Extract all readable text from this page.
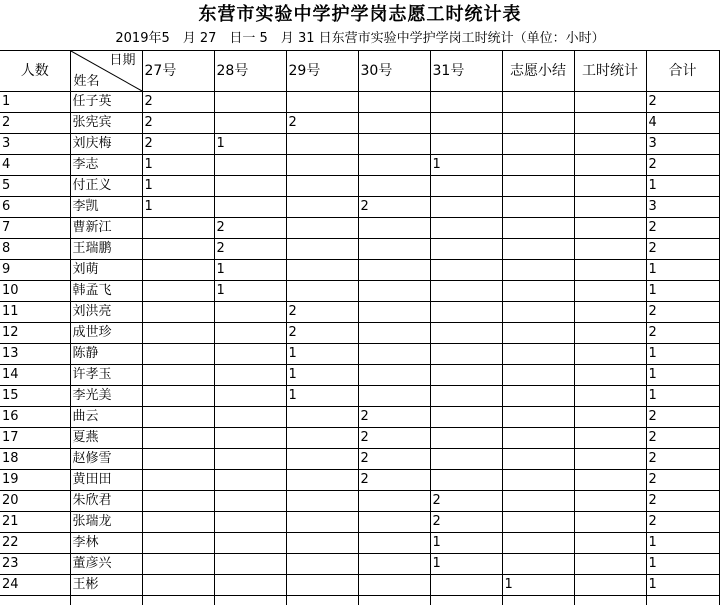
东营市实验中学护学岗志愿工时统计表
2019年5　月 27　日一 5　月 31 日东营市实验中学护学岗工时统计（单位：小时）
人数	日期
姓名	27号	28号	29号	30号	31号	志愿小结	工时统计	合计
1	任子英	2							2
2	张宪宾	2		2					4
3	刘庆梅	2	1						3
4	李志	1				1			2
5	付正义	1							1
6	李凯	1			2				3
7	曹新江		2						2
8	王瑞鹏		2						2
9	刘萌		1						1
10	韩孟飞		1						1
11	刘洪亮			2					2
12	成世珍			2					2
13	陈静			1					1
14	许孝玉			1					1
15	李光美			1					1
16	曲云				2				2
17	夏燕				2				2
18	赵修雪				2				2
19	黄田田				2				2
20	朱欣君					2			2
21	张瑞龙					2			2
22	李林					1			1
23	董彦兴					1			1
24	王彬						1		1
